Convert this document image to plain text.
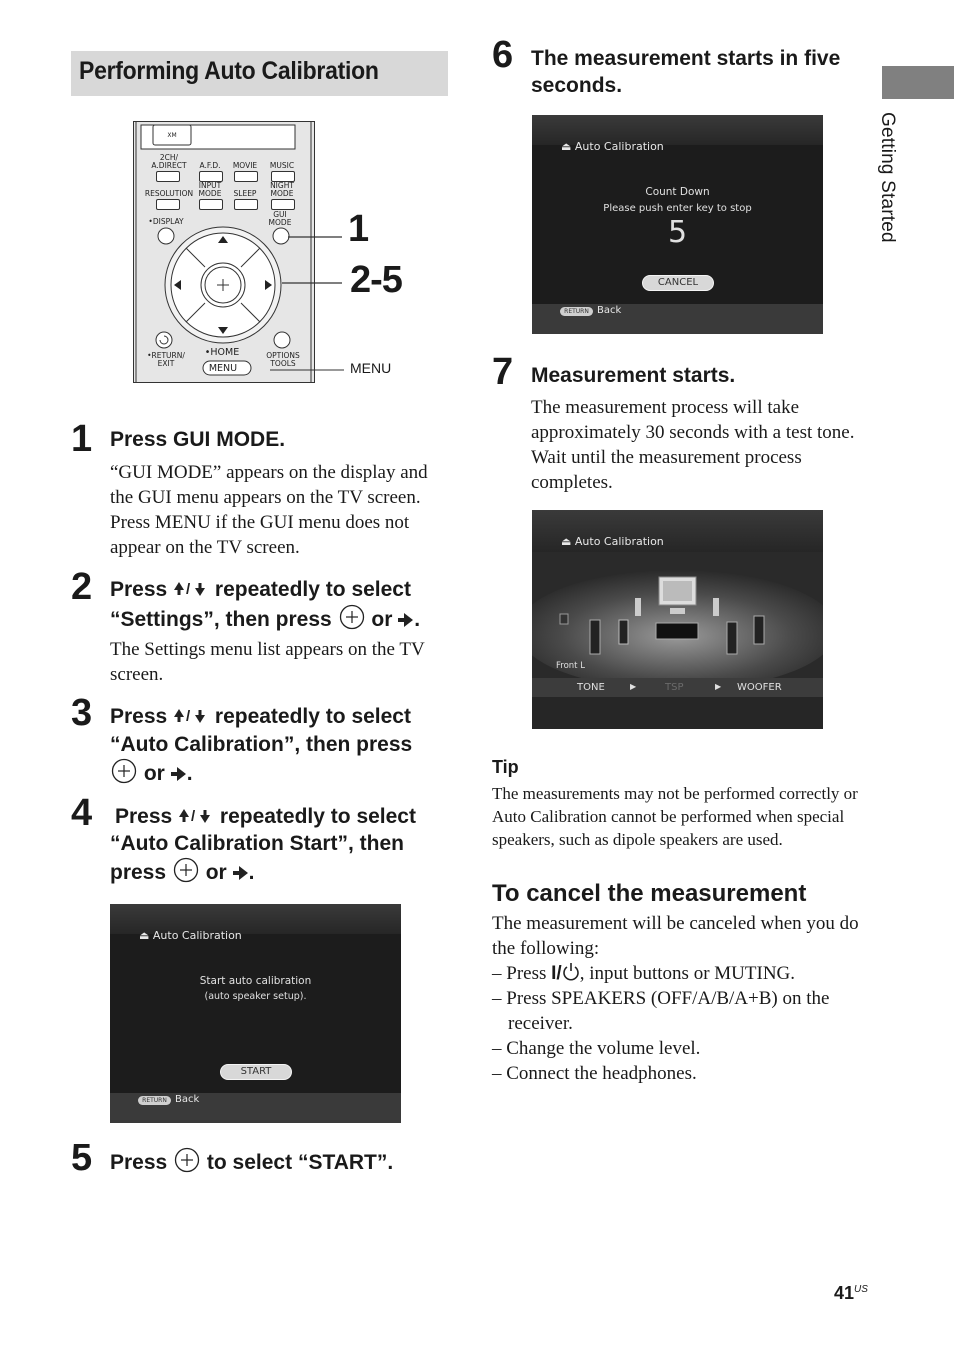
Performing Auto Calibration
Getting Started
XM
2CH/
A.DIRECT	A.F.D.	MOVIE	MUSIC
RESOLUTION
INPUT
MODE	SLEEP
NIGHT
MODE
•DISPLAY
GUI
MODE
•RETURN/
EXIT
•HOME	OPTIONS
TOOLS
MENU
1
2-5
MENU
1 Press GUI MODE.
“GUI MODE” appears on the display and the GUI menu appears on the TV screen. Press MENU if the GUI menu does not appear on the TV screen.
2 Press / repeatedly to select
“Settings”, then press or .
The Settings menu list appears on the TV screen.
3 Press / repeatedly to select
“Auto Calibration”, then press
or .
4 Press / repeatedly to select
“Auto Calibration Start”, then
press or .
⏏ Auto Calibration
Start auto calibration
(auto speaker setup).
START
RETURN Back
5 Press to select “START”.
6 The measurement starts in five seconds.
⏏ Auto Calibration
Count Down
Please push enter key to stop
5
CANCEL
RETURN Back
7 Measurement starts.
The measurement process will take approximately 30 seconds with a test tone. Wait until the measurement process completes.
⏏ Auto Calibration
Front L
TONE	▶	TSP	▶ WOOFER
Tip
The measurements may not be performed correctly or Auto Calibration cannot be performed when special speakers, such as dipole speakers are used.
To cancel the measurement
The measurement will be canceled when you do the following:
– Press I/ , input buttons or MUTING.
– Press SPEAKERS (OFF/A/B/A+B) on the
receiver.
– Change the volume level.
– Connect the headphones.
$41^{US}$
